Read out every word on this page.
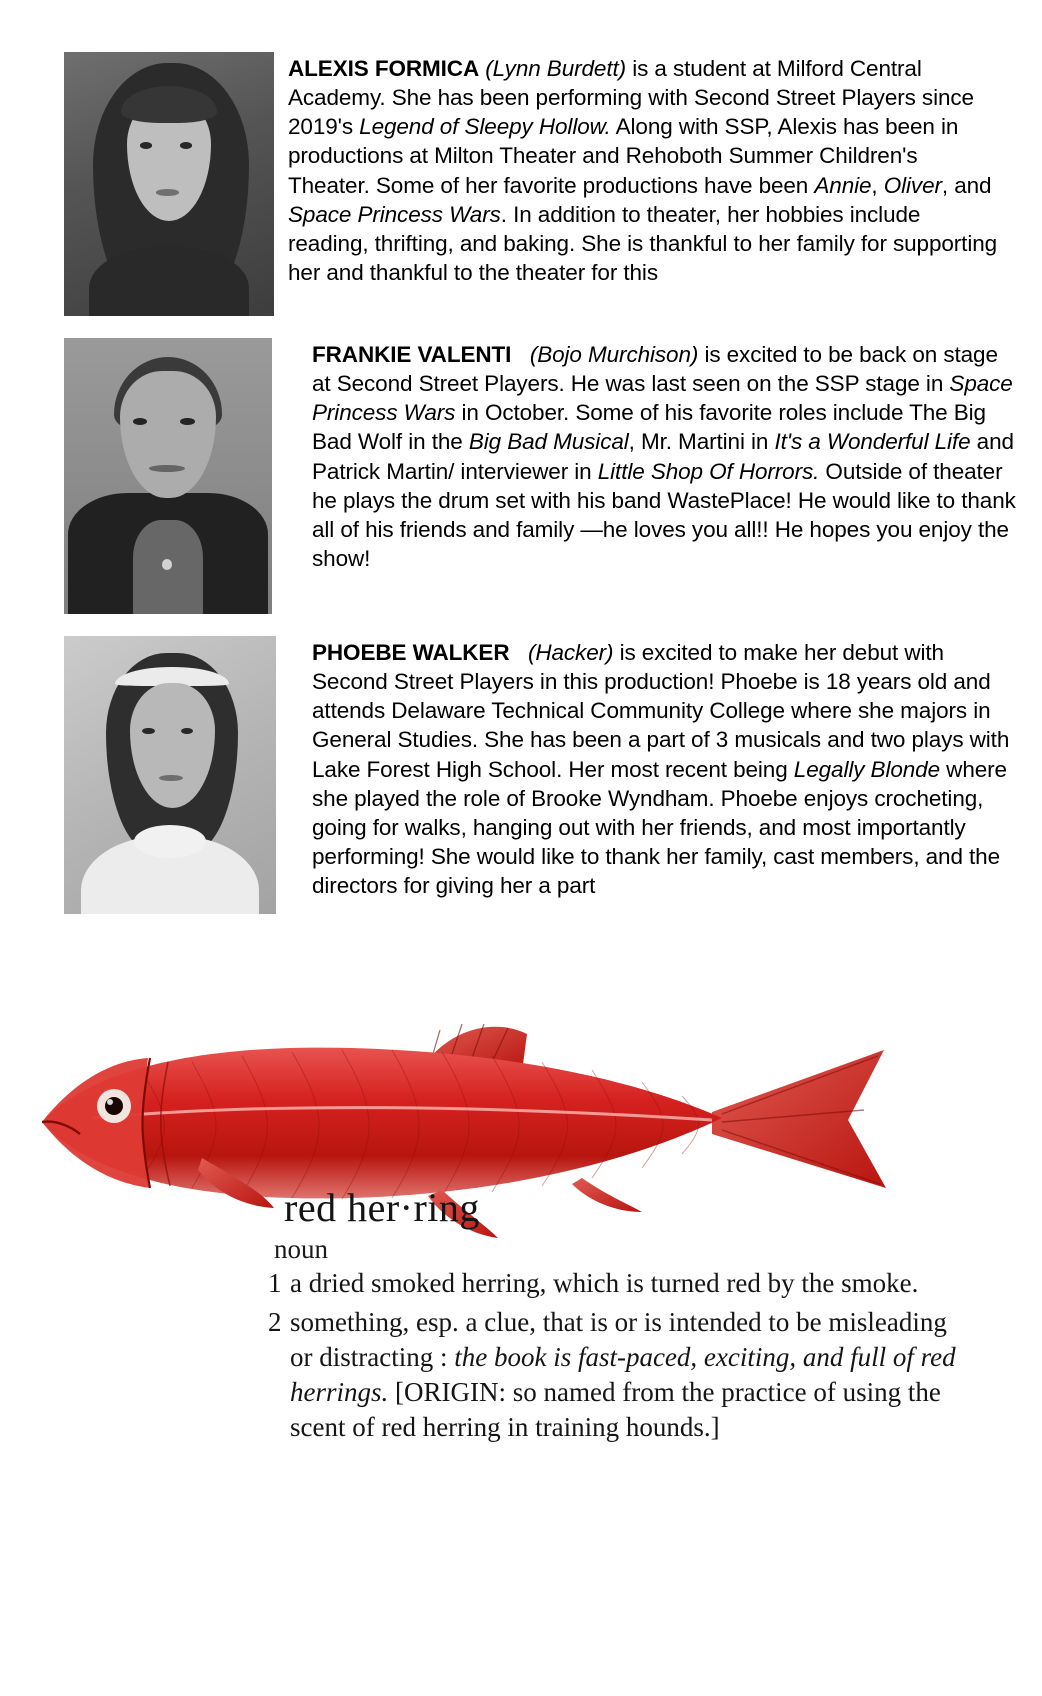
ALEXIS FORMICA (Lynn Burdett) is a student at Milford Central Academy. She has been performing with Second Street Players since 2019's Legend of Sleepy Hollow. Along with SSP, Alexis has been in productions at Milton Theater and Rehoboth Summer Children's Theater. Some of her favorite productions have been Annie, Oliver, and Space Princess Wars. In addition to theater, her hobbies include reading, thrifting, and baking. She is thankful to her family for supporting her and thankful to the theater for this
FRANKIE VALENTI (Bojo Murchison) is excited to be back on stage at Second Street Players. He was last seen on the SSP stage in Space Princess Wars in October. Some of his favorite roles include The Big Bad Wolf in the Big Bad Musical, Mr. Martini in It's a Wonderful Life and Patrick Martin/ interviewer in Little Shop Of Horrors. Outside of theater he plays the drum set with his band WastePlace! He would like to thank all of his friends and family —he loves you all!! He hopes you enjoy the show!
PHOEBE WALKER (Hacker) is excited to make her debut with Second Street Players in this production! Phoebe is 18 years old and attends Delaware Technical Community College where she majors in General Studies. She has been a part of 3 musicals and two plays with Lake Forest High School. Her most recent being Legally Blonde where she played the role of Brooke Wyndham. Phoebe enjoys crocheting, going for walks, hanging out with her friends, and most importantly performing! She would like to thank her family, cast members, and the directors for giving her a part
red her·ring
noun
1 a dried smoked herring, which is turned red by the smoke.
2 something, esp. a clue, that is or is intended to be misleading or distracting : the book is fast-paced, exciting, and full of red herrings. [ORIGIN: so named from the practice of using the scent of red herring in training hounds.]
